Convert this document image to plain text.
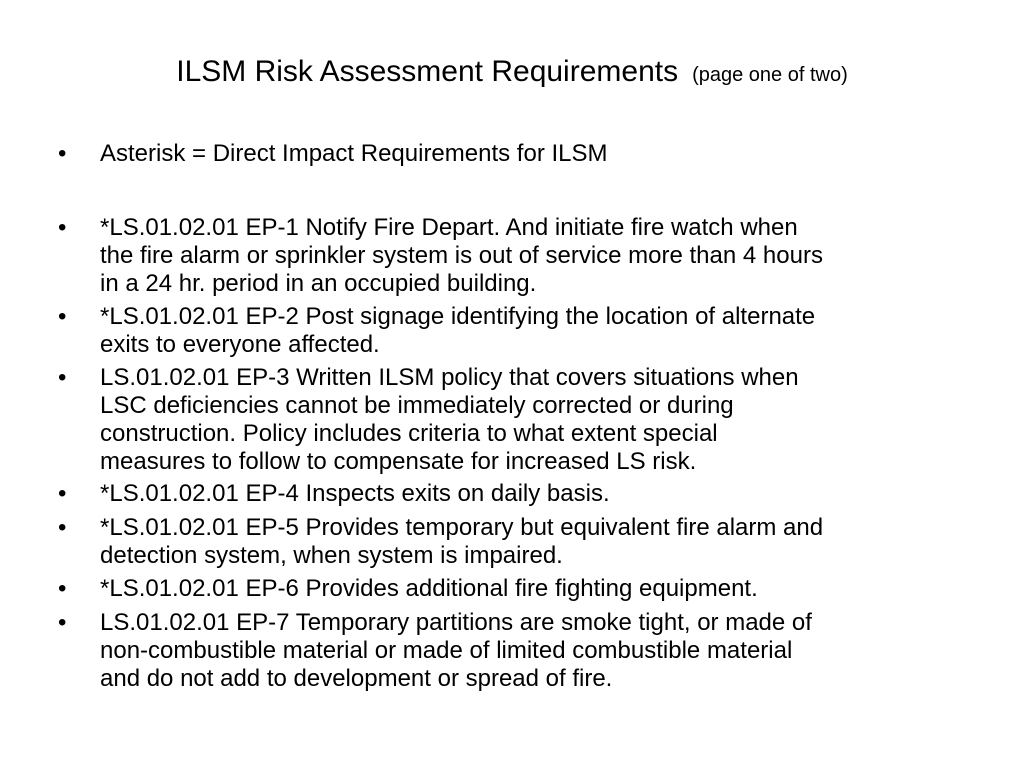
ILSM Risk Assessment Requirements (page one of two)
•	Asterisk = Direct Impact Requirements for ILSM
•	*LS.01.02.01 EP-1 Notify Fire Depart. And initiate fire watch when
the fire alarm or sprinkler system is out of service more than 4 hours
in a 24 hr. period in an occupied building.
•	*LS.01.02.01 EP-2 Post signage identifying the location of alternate
exits to everyone affected.
•	LS.01.02.01 EP-3 Written ILSM policy that covers situations when
LSC deficiencies cannot be immediately corrected or during
construction. Policy includes criteria to what extent special
measures to follow to compensate for increased LS risk.
•	*LS.01.02.01 EP-4 Inspects exits on daily basis.
•	*LS.01.02.01 EP-5 Provides temporary but equivalent fire alarm and
detection system, when system is impaired.
•	*LS.01.02.01 EP-6 Provides additional fire fighting equipment.
•	LS.01.02.01 EP-7 Temporary partitions are smoke tight, or made of
non-combustible material or made of limited combustible material
and do not add to development or spread of fire.
